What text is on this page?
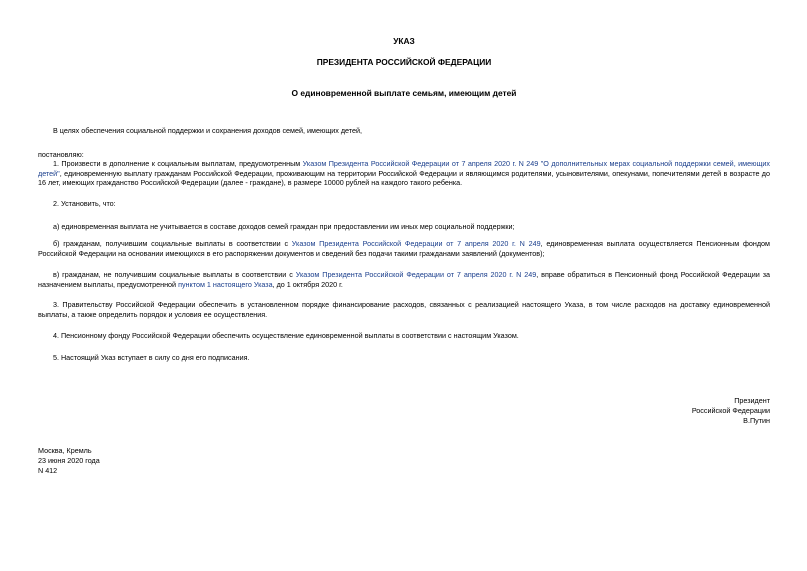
УКАЗ
ПРЕЗИДЕНТА РОССИЙСКОЙ ФЕДЕРАЦИИ
О единовременной выплате семьям, имеющим детей
В целях обеспечения социальной поддержки и сохранения доходов семей, имеющих детей,
постановляю:
1. Произвести в дополнение к социальным выплатам, предусмотренным Указом Президента Российской Федерации от 7 апреля 2020 г. N 249 "О дополнительных мерах социальной поддержки семей, имеющих детей", единовременную выплату гражданам Российской Федерации, проживающим на территории Российской Федерации и являющимся родителями, усыновителями, опекунами, попечителями детей в возрасте до 16 лет, имеющих гражданство Российской Федерации (далее - граждане), в размере 10000 рублей на каждого такого ребенка.
2. Установить, что:
а) единовременная выплата не учитывается в составе доходов семей граждан при предоставлении им иных мер социальной поддержки;
б) гражданам, получившим социальные выплаты в соответствии с Указом Президента Российской Федерации от 7 апреля 2020 г. N 249, единовременная выплата осуществляется Пенсионным фондом Российской Федерации на основании имеющихся в его распоряжении документов и сведений без подачи такими гражданами заявлений (документов);
в) гражданам, не получившим социальные выплаты в соответствии с Указом Президента Российской Федерации от 7 апреля 2020 г. N 249, вправе обратиться в Пенсионный фонд Российской Федерации за назначением выплаты, предусмотренной пунктом 1 настоящего Указа, до 1 октября 2020 г.
3. Правительству Российской Федерации обеспечить в установленном порядке финансирование расходов, связанных с реализацией настоящего Указа, в том числе расходов на доставку единовременной выплаты, а также определить порядок и условия ее осуществления.
4. Пенсионному фонду Российской Федерации обеспечить осуществление единовременной выплаты в соответствии с настоящим Указом.
5. Настоящий Указ вступает в силу со дня его подписания.
Президент
Российской Федерации
В.Путин
Москва, Кремль
23 июня 2020 года
N 412
